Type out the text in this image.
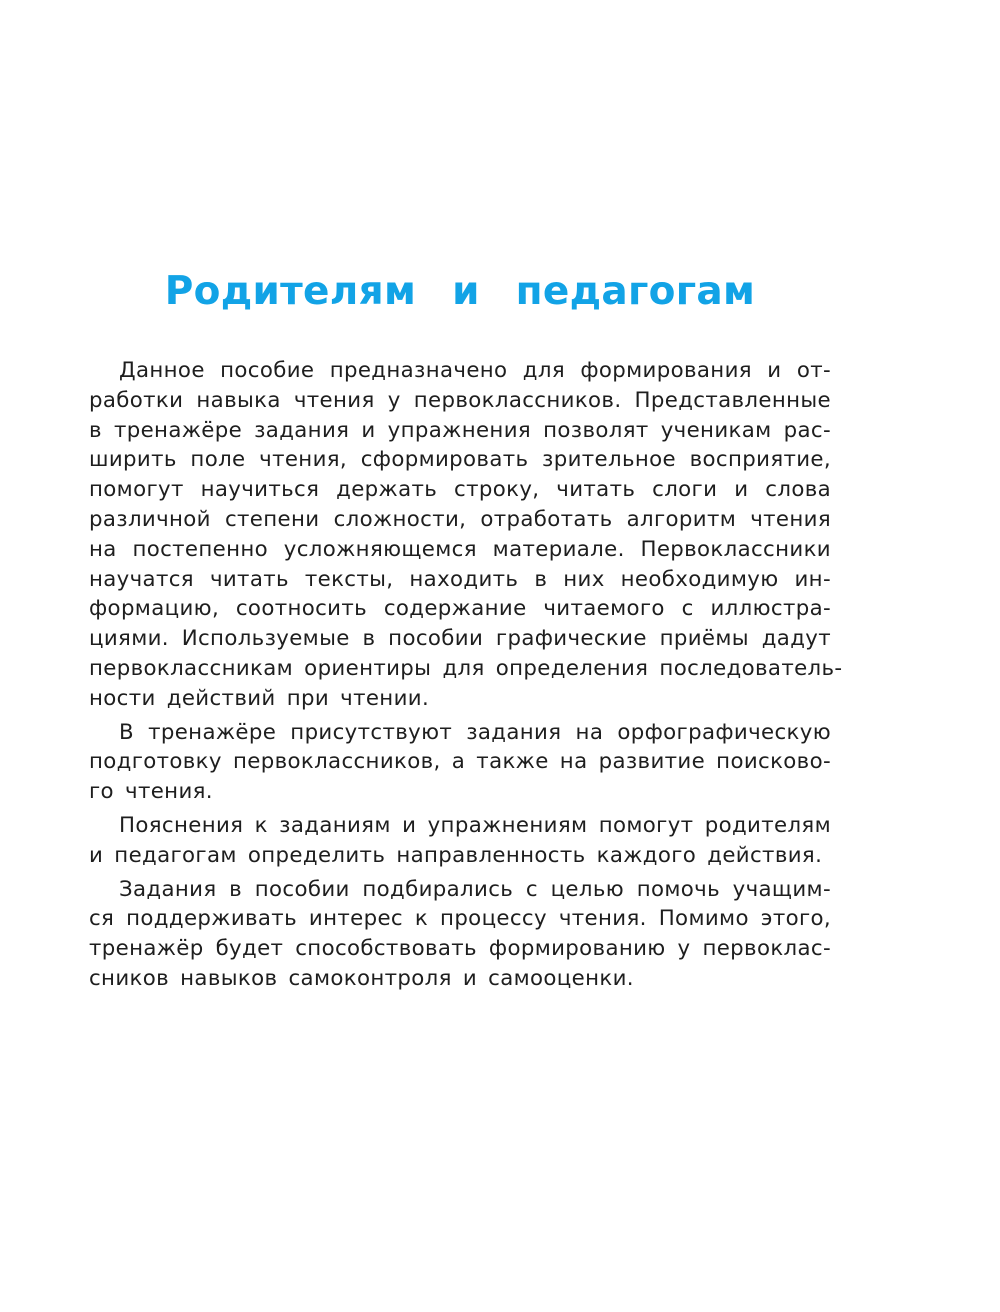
Родителям и педагогам
Данное пособие предназначено для формирования и от-
работки навыка чтения у первоклассников. Представленные
в тренажёре задания и упражнения позволят ученикам рас-
ширить поле чтения, сформировать зрительное восприятие,
помогут научиться держать строку, читать слоги и слова
различной степени сложности, отработать алгоритм чтения
на постепенно усложняющемся материале. Первоклассники
научатся читать тексты, находить в них необходимую ин-
формацию, соотносить содержание читаемого с иллюстра-
циями. Используемые в пособии графические приёмы дадут
первоклассникам ориентиры для определения последователь-
ности действий при чтении.
В тренажёре присутствуют задания на орфографическую
подготовку первоклассников, а также на развитие поисково-
го чтения.
Пояснения к заданиям и упражнениям помогут родителям
и педагогам определить направленность каждого действия.
Задания в пособии подбирались с целью помочь учащим-
ся поддерживать интерес к процессу чтения. Помимо этого,
тренажёр будет способствовать формированию у первоклас-
сников навыков самоконтроля и самооценки.
